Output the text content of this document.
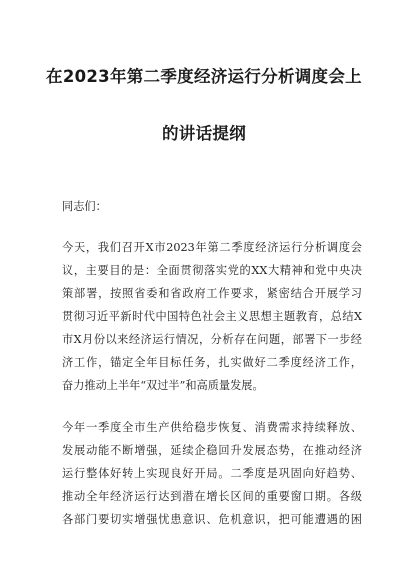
在2023年第二季度经济运行分析调度会上
的讲话提纲
同志们：
今天，我们召开X市2023年第二季度经济运行分析调度会
议，主要目的是：全面贯彻落实党的XX大精神和党中央决
策部署，按照省委和省政府工作要求，紧密结合开展学习
贯彻习近平新时代中国特色社会主义思想主题教育，总结X
市X月份以来经济运行情况，分析存在问题，部署下一步经
济工作，锚定全年目标任务，扎实做好二季度经济工作，
奋力推动上半年“双过半”和高质量发展。
今年一季度全市生产供给稳步恢复、消费需求持续释放、
发展动能不断增强，延续企稳回升发展态势，在推动经济
运行整体好转上实现良好开局。二季度是巩固向好趋势、
推动全年经济运行达到潜在增长区间的重要窗口期。各级
各部门要切实增强忧患意识、危机意识，把可能遭遇的困
